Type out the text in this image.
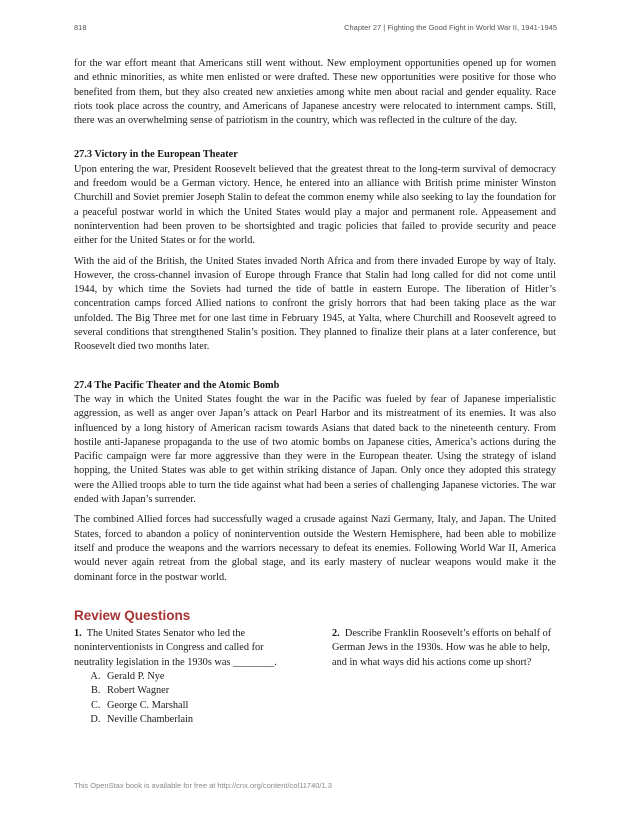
818	Chapter 27 | Fighting the Good Fight in World War II, 1941-1945

for the war effort meant that Americans still went without. New employment opportunities opened up for women and ethnic minorities, as white men enlisted or were drafted. These new opportunities were positive for those who benefited from them, but they also created new anxieties among white men about racial and gender equality. Race riots took place across the country, and Americans of Japanese ancestry were relocated to internment camps. Still, there was an overwhelming sense of patriotism in the country, which was reflected in the culture of the day.

27.3 Victory in the European Theater

Upon entering the war, President Roosevelt believed that the greatest threat to the long-term survival of democracy and freedom would be a German victory. Hence, he entered into an alliance with British prime minister Winston Churchill and Soviet premier Joseph Stalin to defeat the common enemy while also seeking to lay the foundation for a peaceful postwar world in which the United States would play a major and permanent role. Appeasement and nonintervention had been proven to be shortsighted and tragic policies that failed to provide security and peace either for the United States or for the world.

With the aid of the British, the United States invaded North Africa and from there invaded Europe by way of Italy. However, the cross-channel invasion of Europe through France that Stalin had long called for did not come until 1944, by which time the Soviets had turned the tide of battle in eastern Europe. The liberation of Hitler’s concentration camps forced Allied nations to confront the grisly horrors that had been taking place as the war unfolded. The Big Three met for one last time in February 1945, at Yalta, where Churchill and Roosevelt agreed to several conditions that strengthened Stalin’s position. They planned to finalize their plans at a later conference, but Roosevelt died two months later.

27.4 The Pacific Theater and the Atomic Bomb

The way in which the United States fought the war in the Pacific was fueled by fear of Japanese imperialistic aggression, as well as anger over Japan’s attack on Pearl Harbor and its mistreatment of its enemies. It was also influenced by a long history of American racism towards Asians that dated back to the nineteenth century. From hostile anti-Japanese propaganda to the use of two atomic bombs on Japanese cities, America’s actions during the Pacific campaign were far more aggressive than they were in the European theater. Using the strategy of island hopping, the United States was able to get within striking distance of Japan. Only once they adopted this strategy were the Allied troops able to turn the tide against what had been a series of challenging Japanese victories. The war ended with Japan’s surrender.

The combined Allied forces had successfully waged a crusade against Nazi Germany, Italy, and Japan. The United States, forced to abandon a policy of nonintervention outside the Western Hemisphere, had been able to mobilize itself and produce the weapons and the warriors necessary to defeat its enemies. Following World War II, America would never again retreat from the global stage, and its early mastery of nuclear weapons would make it the dominant force in the postwar world.

Review Questions
1. The United States Senator who led the noninterventionists in Congress and called for neutrality legislation in the 1930s was ________.
A. Gerald P. Nye
B. Robert Wagner
C. George C. Marshall
D. Neville Chamberlain
2. Describe Franklin Roosevelt’s efforts on behalf of German Jews in the 1930s. How was he able to help, and in what ways did his actions come up short?
This OpenStax book is available for free at http://cnx.org/content/col11740/1.3
